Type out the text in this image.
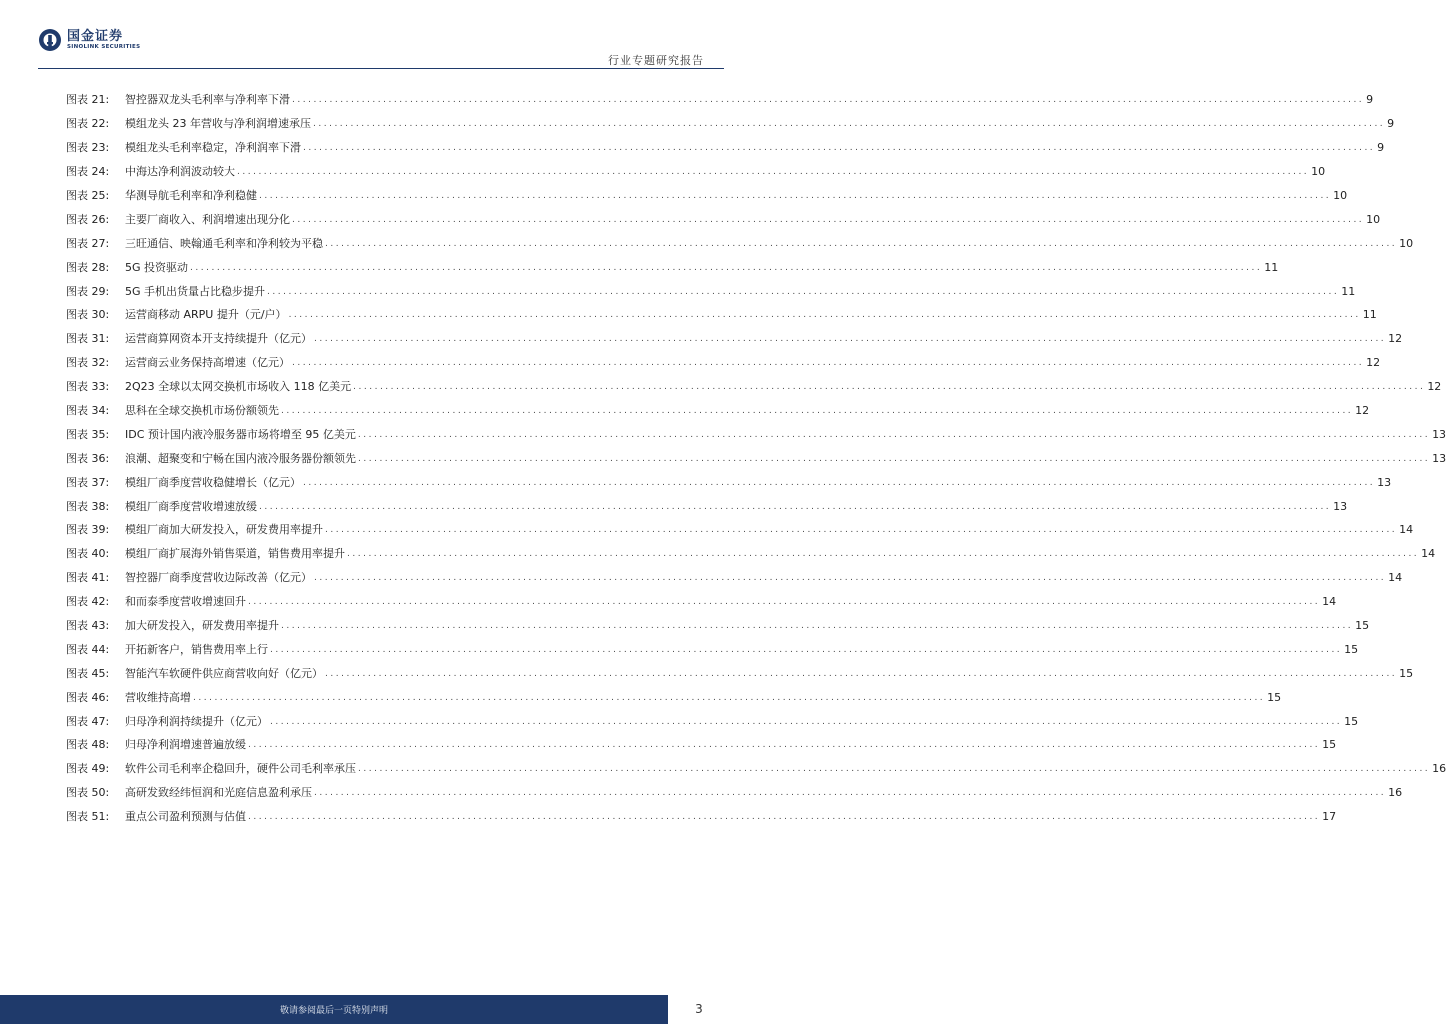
国金证券
SINOLINK SECURITIES
行业专题研究报告
图表 21:	智控器双龙头毛利率与净利率下滑 ........................................................................................................................................................................................................ 9
图表 22:	模组龙头 23 年营收与净利润增速承压 ........................................................................................................................................................................................................ 9
图表 23:	模组龙头毛利率稳定，净利润率下滑 ........................................................................................................................................................................................................ 9
图表 24:	中海达净利润波动较大 ........................................................................................................................................................................................................ 10
图表 25:	华测导航毛利率和净利稳健 ........................................................................................................................................................................................................ 10
图表 26:	主要厂商收入、利润增速出现分化 ........................................................................................................................................................................................................ 10
图表 27:	三旺通信、映翰通毛利率和净利较为平稳 ........................................................................................................................................................................................................ 10
图表 28:	5G 投资驱动 ........................................................................................................................................................................................................ 11
图表 29:	5G 手机出货量占比稳步提升 ........................................................................................................................................................................................................ 11
图表 30:	运营商移动 ARPU 提升（元/户） ........................................................................................................................................................................................................ 11
图表 31:	运营商算网资本开支持续提升（亿元） ........................................................................................................................................................................................................ 12
图表 32:	运营商云业务保持高增速（亿元） ........................................................................................................................................................................................................ 12
图表 33:	2Q23 全球以太网交换机市场收入 118 亿美元 ........................................................................................................................................................................................................ 12
图表 34:	思科在全球交换机市场份额领先 ........................................................................................................................................................................................................ 12
图表 35:	IDC 预计国内液冷服务器市场将增至 95 亿美元 ........................................................................................................................................................................................................ 13
图表 36:	浪潮、超聚变和宁畅在国内液冷服务器份额领先 ........................................................................................................................................................................................................ 13
图表 37:	模组厂商季度营收稳健增长（亿元） ........................................................................................................................................................................................................ 13
图表 38:	模组厂商季度营收增速放缓 ........................................................................................................................................................................................................ 13
图表 39:	模组厂商加大研发投入，研发费用率提升 ........................................................................................................................................................................................................ 14
图表 40:	模组厂商扩展海外销售渠道，销售费用率提升 ........................................................................................................................................................................................................ 14
图表 41:	智控器厂商季度营收边际改善（亿元） ........................................................................................................................................................................................................ 14
图表 42:	和而泰季度营收增速回升 ........................................................................................................................................................................................................ 14
图表 43:	加大研发投入，研发费用率提升 ........................................................................................................................................................................................................ 15
图表 44:	开拓新客户，销售费用率上行 ........................................................................................................................................................................................................ 15
图表 45:	智能汽车软硬件供应商营收向好（亿元） ........................................................................................................................................................................................................ 15
图表 46:	营收维持高增 ........................................................................................................................................................................................................ 15
图表 47:	归母净利润持续提升（亿元） ........................................................................................................................................................................................................ 15
图表 48:	归母净利润增速普遍放缓 ........................................................................................................................................................................................................ 15
图表 49:	软件公司毛利率企稳回升，硬件公司毛利率承压 ........................................................................................................................................................................................................ 16
图表 50:	高研发致经纬恒润和光庭信息盈利承压 ........................................................................................................................................................................................................ 16
图表 51:	重点公司盈利预测与估值 ........................................................................................................................................................................................................ 17
敬请参阅最后一页特别声明	3
